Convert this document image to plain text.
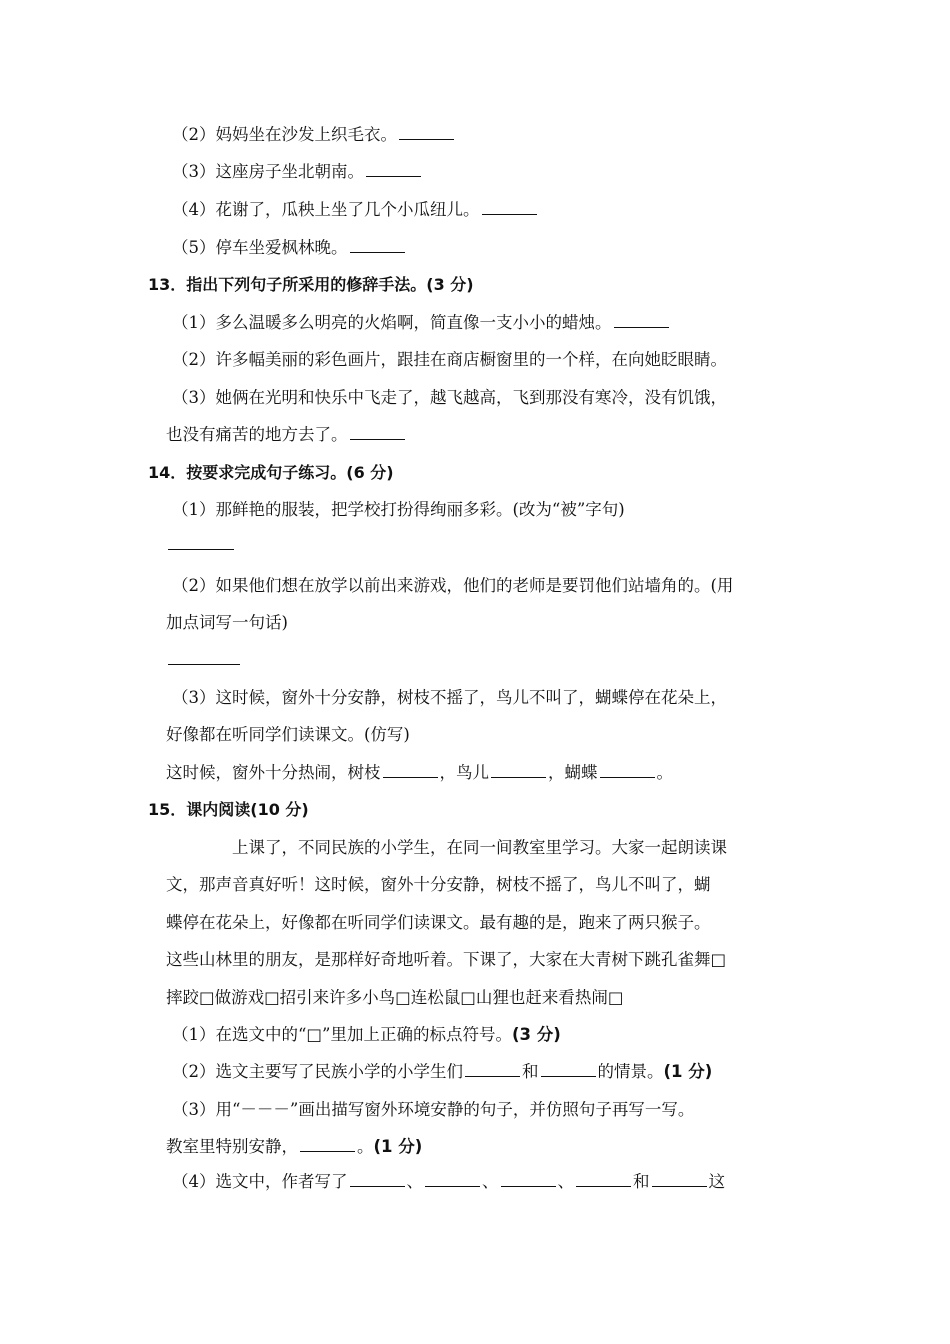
（2）妈妈坐在沙发上织毛衣。
（3）这座房子坐北朝南。
（4）花谢了，瓜秧上坐了几个小瓜纽儿。
（5）停车坐爱枫林晚。
13．指出下列句子所采用的修辞手法。(3 分)
（1）多么温暖多么明亮的火焰啊，简直像一支小小的蜡烛。
（2）许多幅美丽的彩色画片，跟挂在商店橱窗里的一个样，在向她眨眼睛。
（3）她俩在光明和快乐中飞走了，越飞越高，飞到那没有寒冷，没有饥饿，
也没有痛苦的地方去了。
14．按要求完成句子练习。(6 分)
（1）那鲜艳的服装，把学校打扮得绚丽多彩。(改为“被”字句)
（2）如果他们想在放学以前出来游戏，他们的老师是要罚他们站墙角的。(用
加点词写一句话)
（3）这时候，窗外十分安静，树枝不摇了，鸟儿不叫了，蝴蝶停在花朵上，
好像都在听同学们读课文。(仿写)
这时候，窗外十分热闹，树枝	，鸟儿	，蝴蝶	。
15．课内阅读(10 分)
上课了，不同民族的小学生，在同一间教室里学习。大家一起朗读课
文，那声音真好听！这时候，窗外十分安静，树枝不摇了，鸟儿不叫了，蝴
蝶停在花朵上，好像都在听同学们读课文。最有趣的是，跑来了两只猴子。
这些山林里的朋友，是那样好奇地听着。下课了，大家在大青树下跳孔雀舞□
摔跤□做游戏□招引来许多小鸟□连松鼠□山狸也赶来看热闹□
（1）在选文中的“□”里加上正确的标点符号。(3 分)
（2）选文主要写了民族小学的小学生们	和	的情景。(1 分)
（3）用“－－－”画出描写窗外环境安静的句子，并仿照句子再写一写。
教室里特别安静，	。(1 分)
（4）选文中，作者写了	、	、	、	和	这
